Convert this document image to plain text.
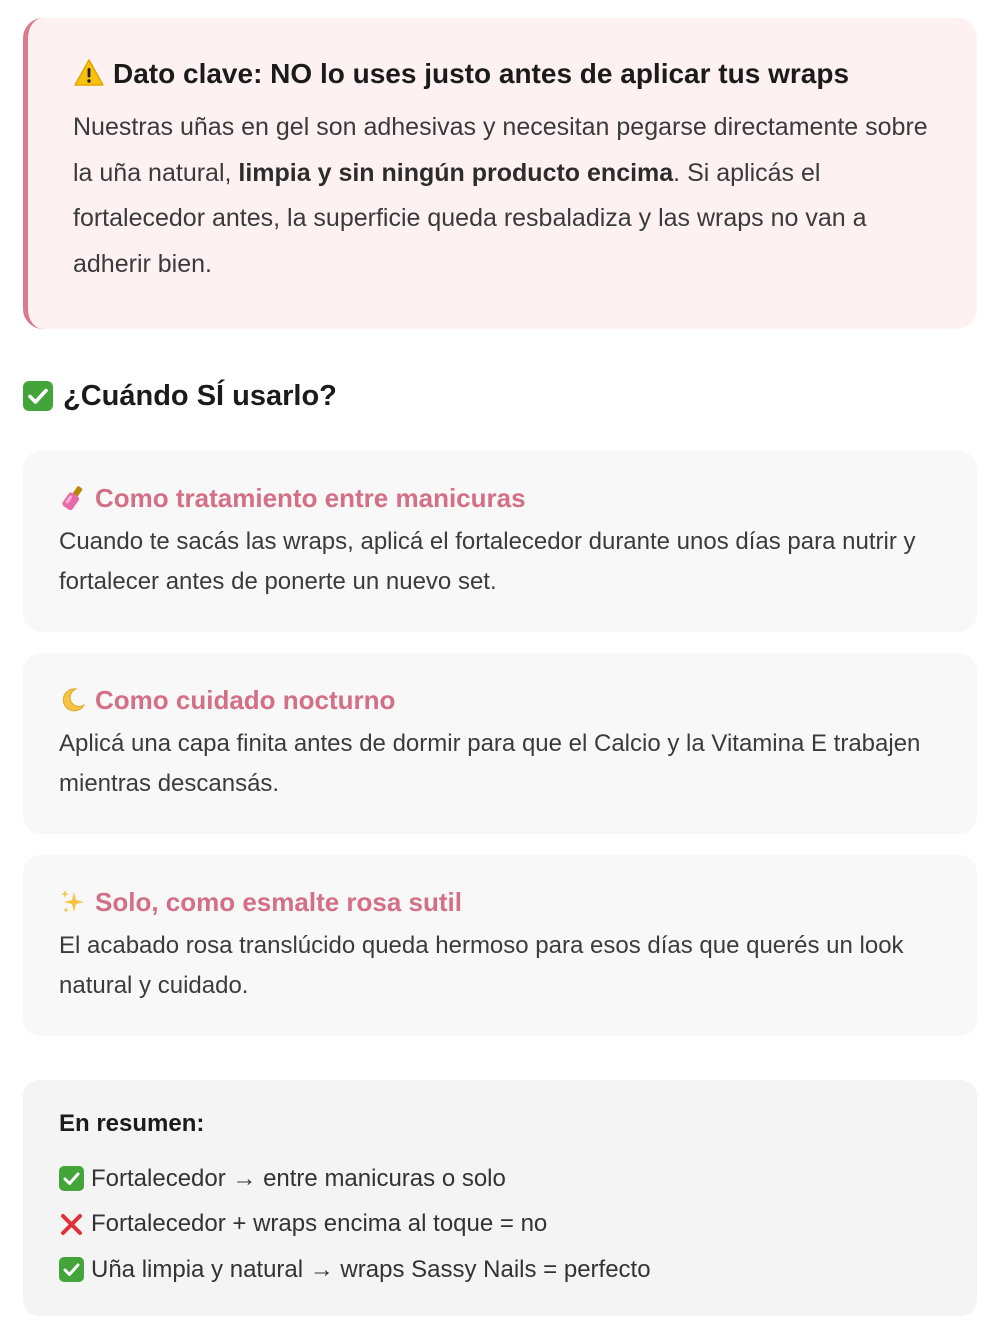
Dato clave: NO lo uses justo antes de aplicar tus wraps

Nuestras uñas en gel son adhesivas y necesitan pegarse directamente sobre la uña natural, limpia y sin ningún producto encima. Si aplicás el fortalecedor antes, la superficie queda resbaladiza y las wraps no van a adherir bien.

¿Cuándo SÍ usarlo?
Como tratamiento entre manicuras

Cuando te sacás las wraps, aplicá el fortalecedor durante unos días para nutrir y fortalecer antes de ponerte un nuevo set.

Como cuidado nocturno

Aplicá una capa finita antes de dormir para que el Calcio y la Vitamina E trabajen mientras descansás.

Solo, como esmalte rosa sutil

El acabado rosa translúcido queda hermoso para esos días que querés un look natural y cuidado.

En resumen:
Fortalecedor → entre manicuras o solo
Fortalecedor + wraps encima al toque = no
Uña limpia y natural → wraps Sassy Nails = perfecto
